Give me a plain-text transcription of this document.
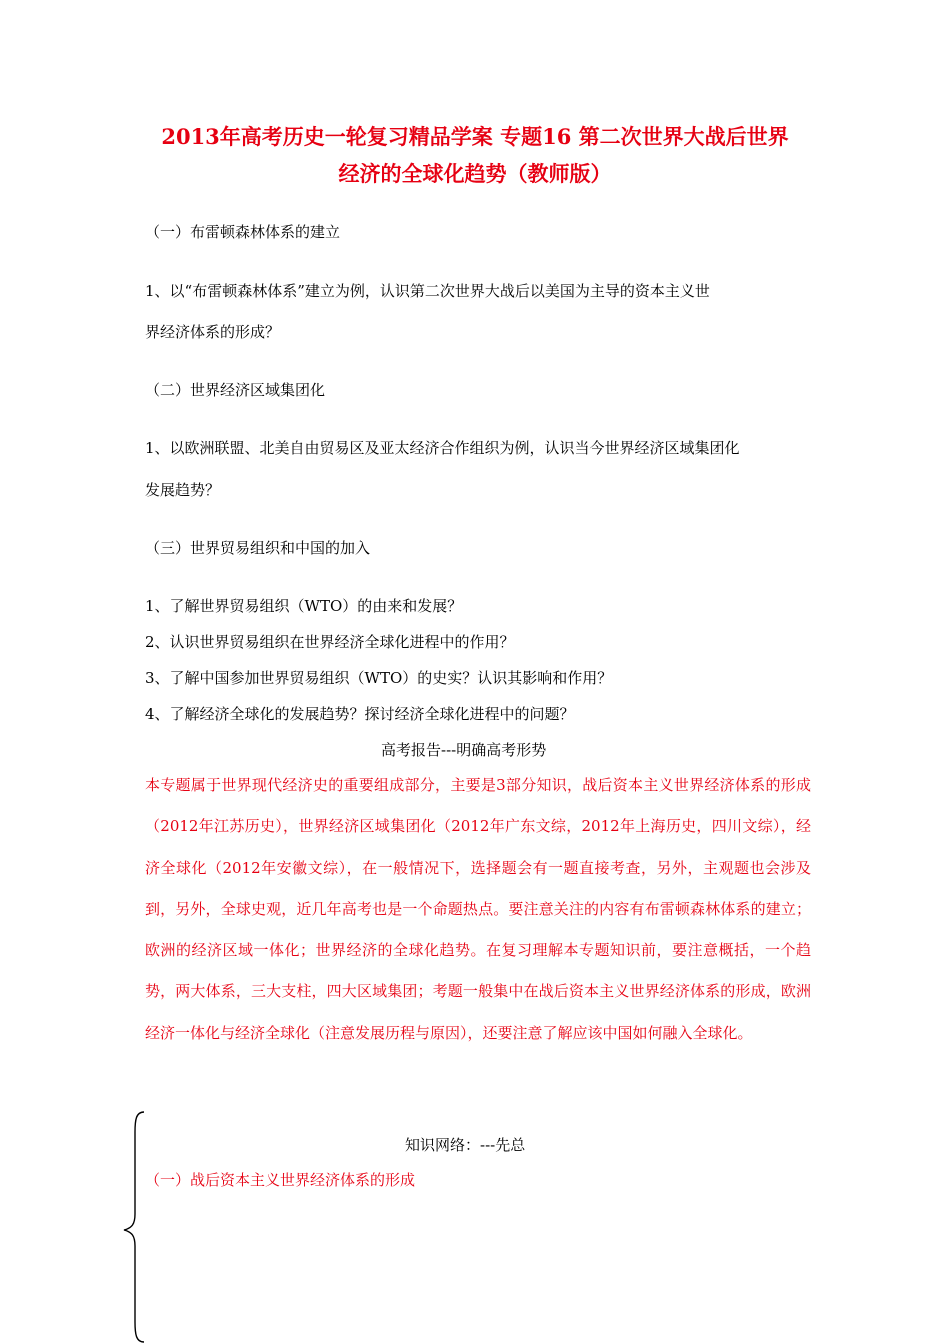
2013年高考历史一轮复习精品学案 专题16 第二次世界大战后世界
经济的全球化趋势（教师版）
（一）布雷顿森林体系的建立
1、以“布雷顿森林体系”建立为例，认识第二次世界大战后以美国为主导的资本主义世
界经济体系的形成？
（二）世界经济区域集团化
1、以欧洲联盟、北美自由贸易区及亚太经济合作组织为例，认识当今世界经济区域集团化
发展趋势？
（三）世界贸易组织和中国的加入
1、了解世界贸易组织（WTO）的由来和发展？
2、认识世界贸易组织在世界经济全球化进程中的作用？
3、了解中国参加世界贸易组织（WTO）的史实？认识其影响和作用？
4、了解经济全球化的发展趋势？探讨经济全球化进程中的问题？
高考报告---明确高考形势
本专题属于世界现代经济史的重要组成部分，主要是3部分知识，战后资本主义世界经济体系的形成（2012年江苏历史），世界经济区域集团化（2012年广东文综，2012年上海历史，四川文综），经济全球化（2012年安徽文综），在一般情况下，选择题会有一题直接考查，另外，主观题也会涉及到，另外，全球史观，近几年高考也是一个命题热点。要注意关注的内容有布雷顿森林体系的建立；欧洲的经济区域一体化；世界经济的全球化趋势。在复习理解本专题知识前，要注意概括，一个趋势，两大体系，三大支柱，四大区域集团；考题一般集中在战后资本主义世界经济体系的形成，欧洲经济一体化与经济全球化（注意发展历程与原因），还要注意了解应该中国如何融入全球化。
知识网络：---先总
（一）战后资本主义世界经济体系的形成
